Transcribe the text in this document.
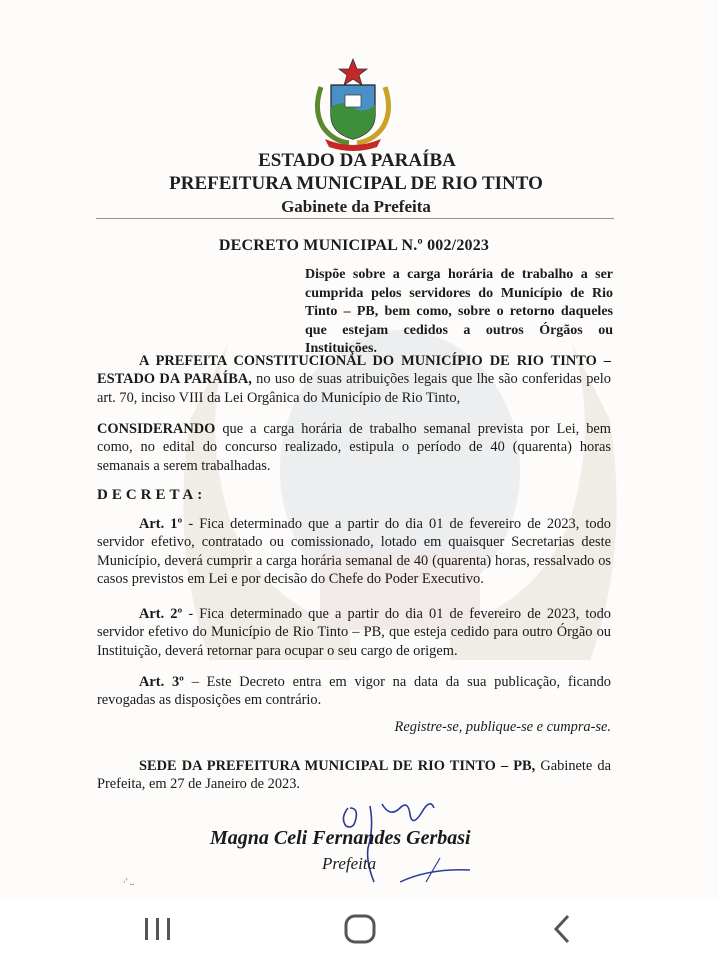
ESTADO DA PARAÍBA
PREFEITURA MUNICIPAL DE RIO TINTO
Gabinete da Prefeita
DECRETO MUNICIPAL N.º 002/2023
Dispõe sobre a carga horária de trabalho a ser cumprida pelos servidores do Município de Rio Tinto – PB, bem como, sobre o retorno daqueles que estejam cedidos a outros Órgãos ou Instituições.
A PREFEITA CONSTITUCIONAL DO MUNICÍPIO DE RIO TINTO – ESTADO DA PARAÍBA, no uso de suas atribuições legais que lhe são conferidas pelo art. 70, inciso VIII da Lei Orgânica do Município de Rio Tinto,
CONSIDERANDO que a carga horária de trabalho semanal prevista por Lei, bem como, no edital do concurso realizado, estipula o período de 40 (quarenta) horas semanais a serem trabalhadas.
DECRETA:
Art. 1º - Fica determinado que a partir do dia 01 de fevereiro de 2023, todo servidor efetivo, contratado ou comissionado, lotado em quaisquer Secretarias deste Município, deverá cumprir a carga horária semanal de 40 (quarenta) horas, ressalvado os casos previstos em Lei e por decisão do Chefe do Poder Executivo.
Art. 2º - Fica determinado que a partir do dia 01 de fevereiro de 2023, todo servidor efetivo do Município de Rio Tinto – PB, que esteja cedido para outro Órgão ou Instituição, deverá retornar para ocupar o seu cargo de origem.
Art. 3º – Este Decreto entra em vigor na data da sua publicação, ficando revogadas as disposições em contrário.
Registre-se, publique-se e cumpra-se.
SEDE DA PREFEITURA MUNICIPAL DE RIO TINTO – PB, Gabinete da Prefeita, em 27 de Janeiro de 2023.
Magna Celi Fernandes Gerbasi
Prefeita
·' ..
